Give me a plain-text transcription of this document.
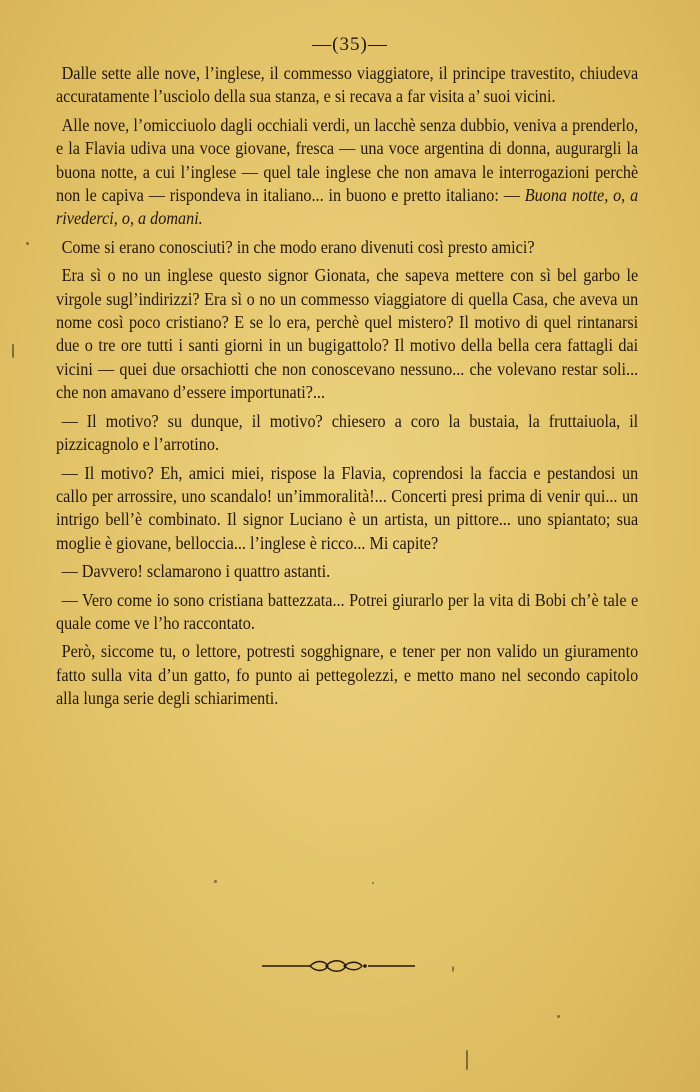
—(35)—

Dalle sette alle nove, l’inglese, il commesso viaggiatore, il principe travestito, chiudeva accuratamente l’usciolo della sua stanza, e si recava a far visita a’ suoi vicini.

Alle nove, l’omicciuolo dagli occhiali verdi, un lacchè senza dubbio, veniva a prenderlo, e la Flavia udiva una voce giovane, fresca — una voce argentina di donna, augurargli la buona notte, a cui l’inglese — quel tale inglese che non amava le interrogazioni perchè non le capiva — rispondeva in italiano... in buono e pretto italiano: — Buona notte, o, a rivederci, o, a domani.

Come si erano conosciuti? in che modo erano divenuti così presto amici?

Era sì o no un inglese questo signor Gionata, che sapeva mettere con sì bel garbo le virgole sugl’indirizzi? Era sì o no un commesso viaggiatore di quella Casa, che aveva un nome così poco cristiano? E se lo era, perchè quel mistero? Il motivo di quel rintanarsi due o tre ore tutti i santi giorni in un bugigattolo? Il motivo della bella cera fattagli dai vicini — quei due orsachiotti che non conoscevano nessuno... che volevano restar soli... che non amavano d’essere importunati?...

— Il motivo? su dunque, il motivo? chiesero a coro la bustaia, la fruttaiuola, il pizzicagnolo e l’arrotino.

— Il motivo? Eh, amici miei, rispose la Flavia, coprendosi la faccia e pestandosi un callo per arrossire, uno scandalo! un’immoralità!... Concerti presi prima di venir qui... un intrigo bell’è combinato. Il signor Luciano è un artista, un pittore... uno spiantato; sua moglie è giovane, belloccia... l’inglese è ricco... Mi capite?

— Davvero! sclamarono i quattro astanti.

— Vero come io sono cristiana battezzata... Potrei giurarlo per la vita di Bobi ch’è tale e quale come ve l’ho raccontato.

Però, siccome tu, o lettore, potresti sogghignare, e tener per non valido un giuramento fatto sulla vita d’un gatto, fo punto ai pettegolezzi, e metto mano nel secondo capitolo alla lunga serie degli schiarimenti.
